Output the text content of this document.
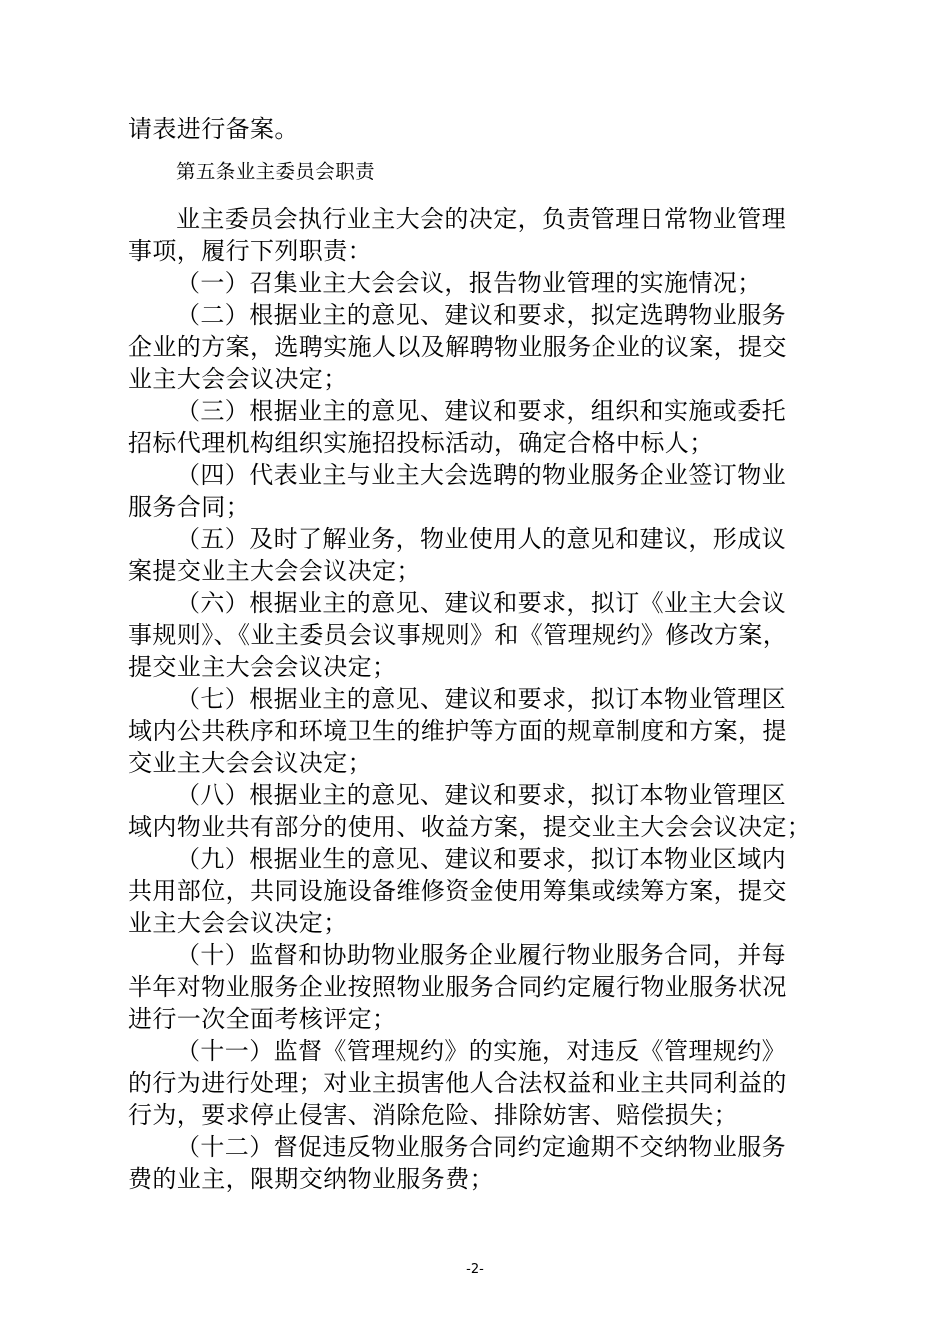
请表进行备案。
第五条业主委员会职责
业主委员会执行业主大会的决定，负责管理日常物业管理
事项，履行下列职责：
（一）召集业主大会会议，报告物业管理的实施情况；
（二）根据业主的意见、建议和要求，拟定选聘物业服务
企业的方案，选聘实施人以及解聘物业服务企业的议案，提交
业主大会会议决定；
（三）根据业主的意见、建议和要求，组织和实施或委托
招标代理机构组织实施招投标活动，确定合格中标人；
（四）代表业主与业主大会选聘的物业服务企业签订物业
服务合同；
（五）及时了解业务，物业使用人的意见和建议，形成议
案提交业主大会会议决定；
（六）根据业主的意见、建议和要求，拟订《业主大会议
事规则》、《业主委员会议事规则》和《管理规约》修改方案，
提交业主大会会议决定；
（七）根据业主的意见、建议和要求，拟订本物业管理区
域内公共秩序和环境卫生的维护等方面的规章制度和方案，提
交业主大会会议决定；
（八）根据业主的意见、建议和要求，拟订本物业管理区
域内物业共有部分的使用、收益方案，提交业主大会会议决定；
（九）根据业生的意见、建议和要求，拟订本物业区域内
共用部位，共同设施设备维修资金使用筹集或续筹方案，提交
业主大会会议决定；
（十）监督和协助物业服务企业履行物业服务合同，并每
半年对物业服务企业按照物业服务合同约定履行物业服务状况
进行一次全面考核评定；
（十一）监督《管理规约》的实施，对违反《管理规约》
的行为进行处理；对业主损害他人合法权益和业主共同利益的
行为，要求停止侵害、消除危险、排除妨害、赔偿损失；
（十二）督促违反物业服务合同约定逾期不交纳物业服务
费的业主，限期交纳物业服务费；
-2-
